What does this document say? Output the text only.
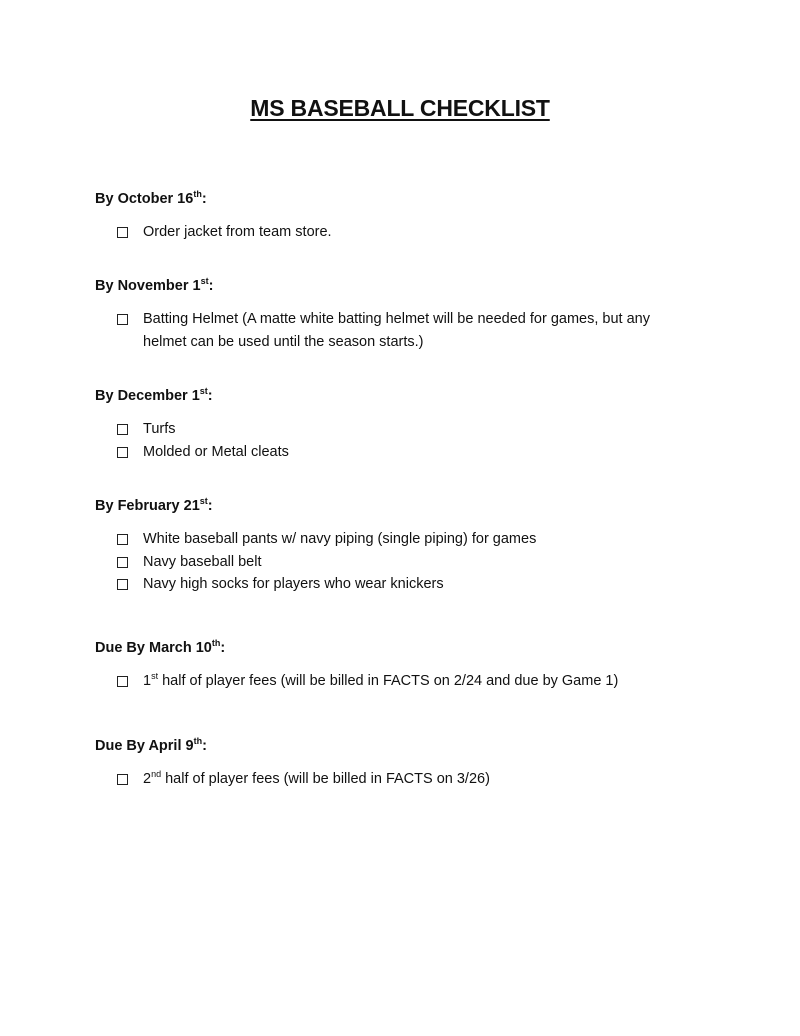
MS BASEBALL CHECKLIST
By October 16th:
Order jacket from team store.
By November 1st:
Batting Helmet (A matte white batting helmet will be needed for games, but any helmet can be used until the season starts.)
By December 1st:
Turfs
Molded or Metal cleats
By February 21st:
White baseball pants w/ navy piping (single piping) for games
Navy baseball belt
Navy high socks for players who wear knickers
Due By March 10th:
1st half of player fees (will be billed in FACTS on 2/24 and due by Game 1)
Due By April 9th:
2nd half of player fees (will be billed in FACTS on 3/26)
